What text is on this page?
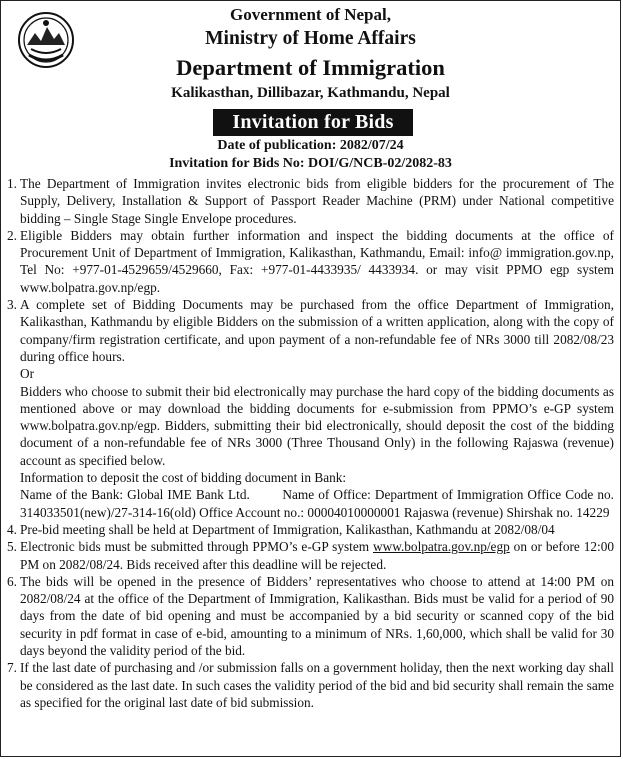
Government of Nepal,
Ministry of Home Affairs
Department of Immigration
Kalikasthan, Dillibazar, Kathmandu, Nepal
Invitation for Bids
Date of publication: 2082/07/24
Invitation for Bids No: DOI/G/NCB-02/2082-83
1. The Department of Immigration invites electronic bids from eligible bidders for the procurement of The Supply, Delivery, Installation & Support of Passport Reader Machine (PRM) under National competitive bidding – Single Stage Single Envelope procedures.
2. Eligible Bidders may obtain further information and inspect the bidding documents at the office of Procurement Unit of Department of Immigration, Kalikasthan, Kathmandu, Email: info@ immigration.gov.np, Tel No: +977-01-4529659/4529660, Fax: +977-01-4433935/ 4433934. or may visit PPMO egp system www.bolpatra.gov.np/egp.
3. A complete set of Bidding Documents may be purchased from the office Department of Immigration, Kalikasthan, Kathmandu by eligible Bidders on the submission of a written application, along with the copy of company/firm registration certificate, and upon payment of a non-refundable fee of NRs 3000 till 2082/08/23 during office hours.
Or
Bidders who choose to submit their bid electronically may purchase the hard copy of the bidding documents as mentioned above or may download the bidding documents for e-submission from PPMO’s e-GP system www.bolpatra.gov.np/egp. Bidders, submitting their bid electronically, should deposit the cost of the bidding document of a non-refundable fee of NRs 3000 (Three Thousand Only) in the following Rajaswa (revenue) account as specified below.
Information to deposit the cost of bidding document in Bank:
Name of the Bank: Global IME Bank Ltd.        Name of Office: Department of Immigration Office Code no. 314033501(new)/27-314-16(old) Office Account no.: 00004010000001 Rajaswa (revenue) Shirshak no. 14229
4. Pre-bid meeting shall be held at Department of Immigration, Kalikasthan, Kathmandu at 2082/08/04
5. Electronic bids must be submitted through PPMO’s e-GP system www.bolpatra.gov.np/egp on or before 12:00 PM on 2082/08/24. Bids received after this deadline will be rejected.
6. The bids will be opened in the presence of Bidders’ representatives who choose to attend at 14:00 PM on 2082/08/24 at the office of the Department of Immigration, Kalikasthan. Bids must be valid for a period of 90 days from the date of bid opening and must be accompanied by a bid security or scanned copy of the bid security in pdf format in case of e-bid, amounting to a minimum of NRs. 1,60,000, which shall be valid for 30 days beyond the validity period of the bid.
7. If the last date of purchasing and /or submission falls on a government holiday, then the next working day shall be considered as the last date. In such cases the validity period of the bid and bid security shall remain the same as specified for the original last date of bid submission.
